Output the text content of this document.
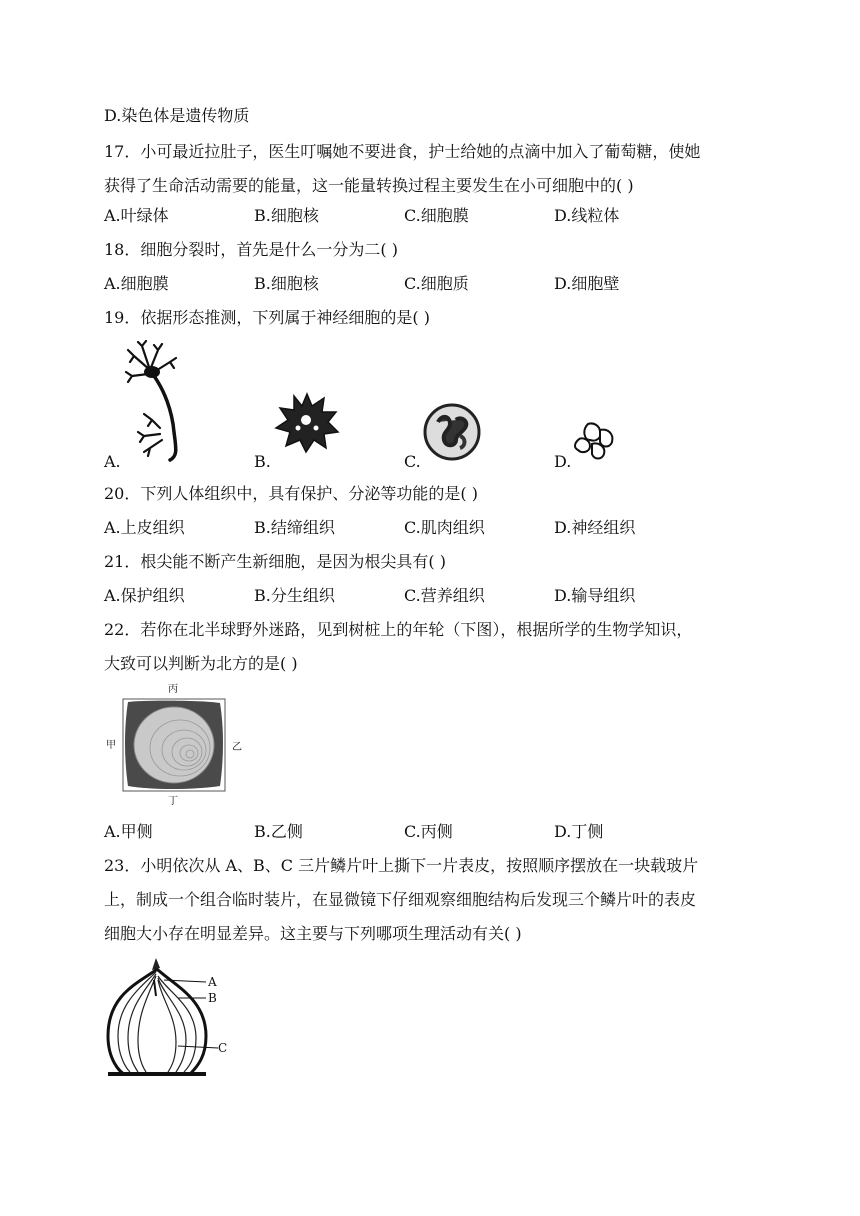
D.染色体是遗传物质
17．小可最近拉肚子，医生叮嘱她不要进食，护士给她的点滴中加入了葡萄糖，使她
获得了生命活动需要的能量，这一能量转换过程主要发生在小可细胞中的( )
A.叶绿体	B.细胞核	C.细胞膜	D.线粒体
18．细胞分裂时，首先是什么一分为二( )
A.细胞膜	B.细胞核	C.细胞质	D.细胞壁
19．依据形态推测，下列属于神经细胞的是( )
A.	B.	C.	D.
20．下列人体组织中，具有保护、分泌等功能的是( )
A.上皮组织	B.结缔组织	C.肌肉组织	D.神经组织
21．根尖能不断产生新细胞，是因为根尖具有( )
A.保护组织	B.分生组织	C.营养组织	D.输导组织
22．若你在北半球野外迷路，见到树桩上的年轮（下图），根据所学的生物学知识，
大致可以判断为北方的是( )
丙
甲	乙
丁
A.甲侧	B.乙侧	C.丙侧	D.丁侧
23．小明依次从 A、B、C 三片鳞片叶上撕下一片表皮，按照顺序摆放在一块载玻片
上，制成一个组合临时装片，在显微镜下仔细观察细胞结构后发现三个鳞片叶的表皮
细胞大小存在明显差异。这主要与下列哪项生理活动有关( )
A
B
C
